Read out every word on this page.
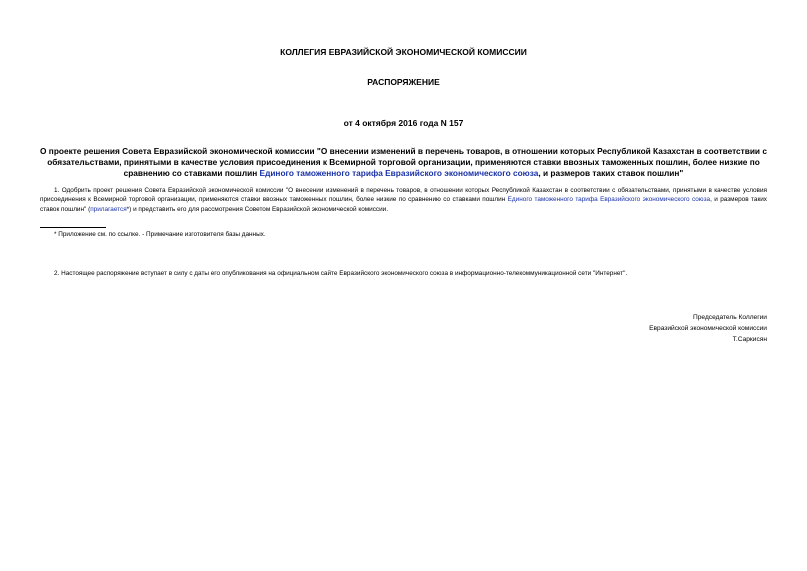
КОЛЛЕГИЯ ЕВРАЗИЙСКОЙ ЭКОНОМИЧЕСКОЙ КОМИССИИ
РАСПОРЯЖЕНИЕ
от 4 октября 2016 года N 157
О проекте решения Совета Евразийской экономической комиссии "О внесении изменений в перечень товаров, в отношении которых Республикой Казахстан в соответствии с обязательствами, принятыми в качестве условия присоединения к Всемирной торговой организации, применяются ставки ввозных таможенных пошлин, более низкие по сравнению со ставками пошлин Единого таможенного тарифа Евразийского экономического союза, и размеров таких ставок пошлин"
1. Одобрить проект решения Совета Евразийской экономической комиссии "О внесении изменений в перечень товаров, в отношении которых Республикой Казахстан в соответствии с обязательствами, принятыми в качестве условия присоединения к Всемирной торговой организации, применяются ставки ввозных таможенных пошлин, более низкие по сравнению со ставками пошлин Единого таможенного тарифа Евразийского экономического союза, и размеров таких ставок пошлин" (прилагается*) и представить его для рассмотрения Советом Евразийской экономической комиссии.
* Приложение см. по ссылке. - Примечание изготовителя базы данных.
2. Настоящее распоряжение вступает в силу с даты его опубликования на официальном сайте Евразийского экономического союза в информационно-телекоммуникационной сети "Интернет".
Председатель Коллегии
Евразийской экономической комиссии
Т.Саркисян
